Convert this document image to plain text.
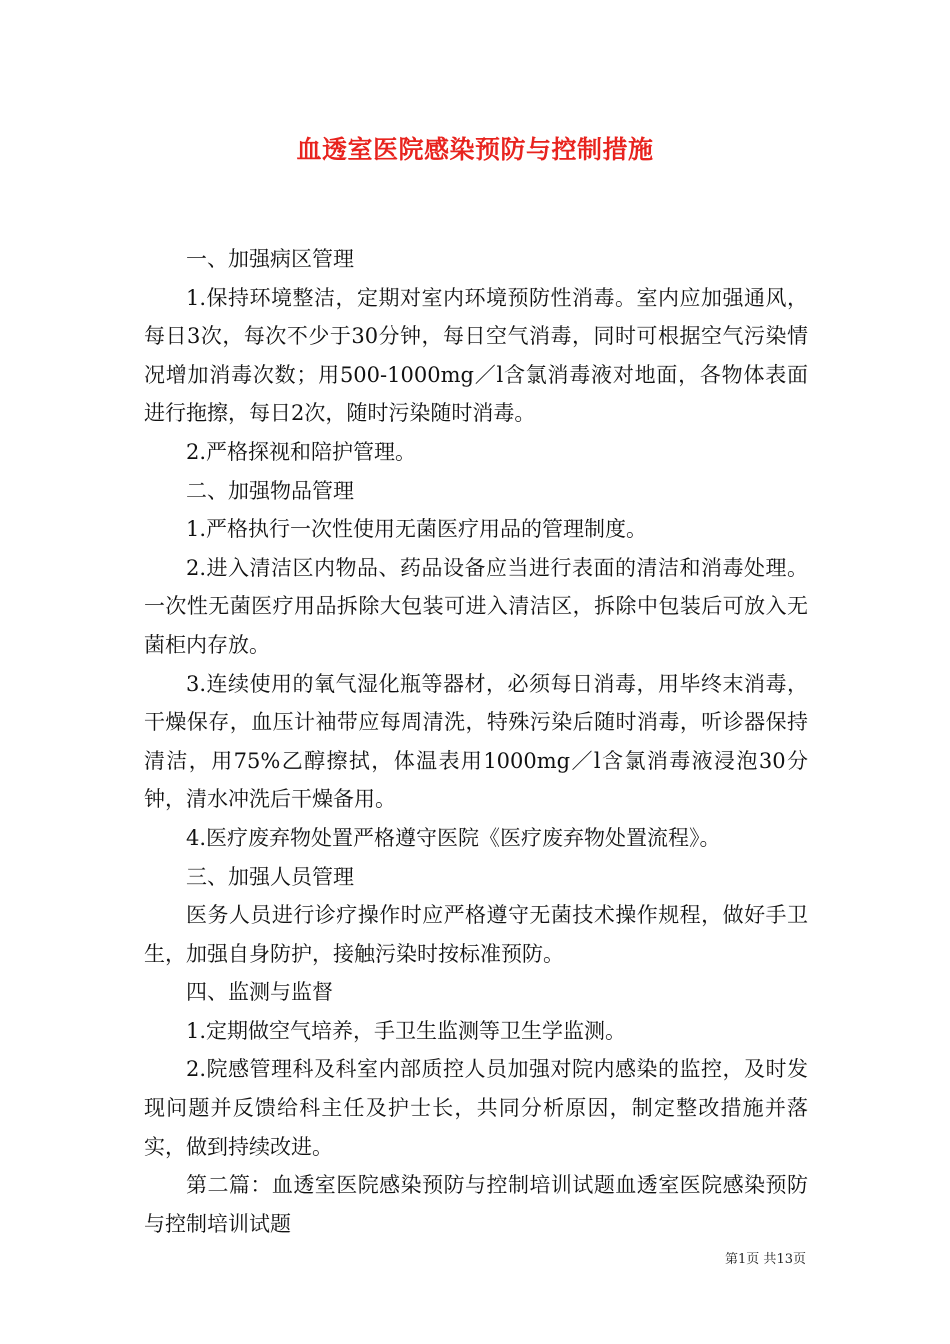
血透室医院感染预防与控制措施

一、加强病区管理

1.保持环境整洁，定期对室内环境预防性消毒。室内应加强通风，每日3次，每次不少于30分钟，每日空气消毒，同时可根据空气污染情况增加消毒次数；用500-1000mg／l含氯消毒液对地面，各物体表面进行拖擦，每日2次，随时污染随时消毒。

2.严格探视和陪护管理。

二、加强物品管理

1.严格执行一次性使用无菌医疗用品的管理制度。

2.进入清洁区内物品、药品设备应当进行表面的清洁和消毒处理。一次性无菌医疗用品拆除大包装可进入清洁区，拆除中包装后可放入无菌柜内存放。

3.连续使用的氧气湿化瓶等器材，必须每日消毒，用毕终末消毒，干燥保存，血压计袖带应每周清洗，特殊污染后随时消毒，听诊器保持清洁，用75%乙醇擦拭，体温表用1000mg／l含氯消毒液浸泡30分钟，清水冲洗后干燥备用。

4.医疗废弃物处置严格遵守医院《医疗废弃物处置流程》。

三、加强人员管理

医务人员进行诊疗操作时应严格遵守无菌技术操作规程，做好手卫生，加强自身防护，接触污染时按标准预防。

四、监测与监督

1.定期做空气培养，手卫生监测等卫生学监测。

2.院感管理科及科室内部质控人员加强对院内感染的监控，及时发现问题并反馈给科主任及护士长，共同分析原因，制定整改措施并落实，做到持续改进。

第二篇：血透室医院感染预防与控制培训试题血透室医院感染预防与控制培训试题

第1页 共13页
